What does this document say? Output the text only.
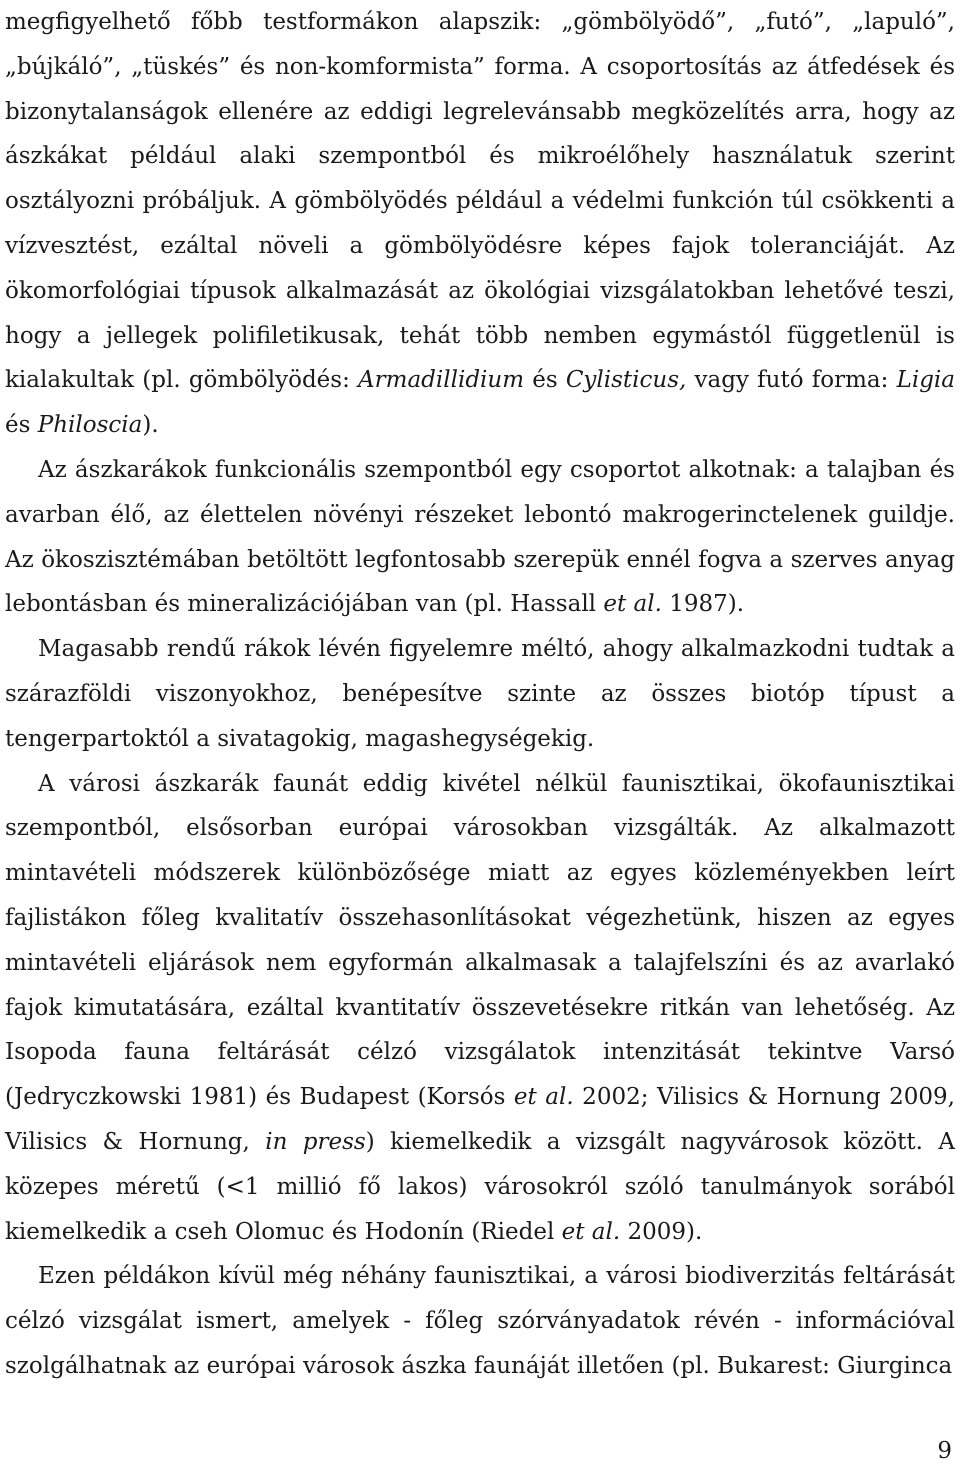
megfigyelhető főbb testformákon alapszik: „gömbölyödő”, „futó”, „lapuló”, „bújkáló”, „tüskés” és non-komformista” forma. A csoportosítás az átfedések és bizonytalanságok ellenére az eddigi legrelevánsabb megközelítés arra, hogy az ászkákat például alaki szempontból és mikroélőhely használatuk szerint osztályozni próbáljuk. A gömbölyödés például a védelmi funkción túl csökkenti a vízvesztést, ezáltal növeli a gömbölyödésre képes fajok toleranciáját. Az ökomorfológiai típusok alkalmazását az ökológiai vizsgálatokban lehetővé teszi, hogy a jellegek polifiletikusak, tehát több nemben egymástól függetlenül is kialakultak (pl. gömbölyödés: Armadillidium és Cylisticus, vagy futó forma: Ligia és Philoscia).

Az ászkarákok funkcionális szempontból egy csoportot alkotnak: a talajban és avarban élő, az élettelen növényi részeket lebontó makrogerinctelenek guildje. Az ökoszisztémában betöltött legfontosabb szerepük ennél fogva a szerves anyag lebontásban és mineralizációjában van (pl. Hassall et al. 1987).

Magasabb rendű rákok lévén figyelemre méltó, ahogy alkalmazkodni tudtak a szárazföldi viszonyokhoz, benépesítve szinte az összes biotóp típust a tengerpartoktól a sivatagokig, magashegységekig.

A városi ászkarák faunát eddig kivétel nélkül faunisztikai, ökofaunisztikai szempontból, elsősorban európai városokban vizsgálták. Az alkalmazott mintavételi módszerek különbözősége miatt az egyes közleményekben leírt fajlistákon főleg kvalitatív összehasonlításokat végezhetünk, hiszen az egyes mintavételi eljárások nem egyformán alkalmasak a talajfelszíni és az avarlakó fajok kimutatására, ezáltal kvantitatív összevetésekre ritkán van lehetőség. Az Isopoda fauna feltárását célzó vizsgálatok intenzitását tekintve Varsó (Jedryczkowski 1981) és Budapest (Korsós et al. 2002; Vilisics & Hornung 2009, Vilisics & Hornung, in press) kiemelkedik a vizsgált nagyvárosok között. A közepes méretű (<1 millió fő lakos) városokról szóló tanulmányok sorából kiemelkedik a cseh Olomuc és Hodonín (Riedel et al. 2009).

Ezen példákon kívül még néhány faunisztikai, a városi biodiverzitás feltárását célzó vizsgálat ismert, amelyek - főleg szórványadatok révén - információval szolgálhatnak az európai városok ászka faunáját illetően (pl. Bukarest: Giurginca

9
